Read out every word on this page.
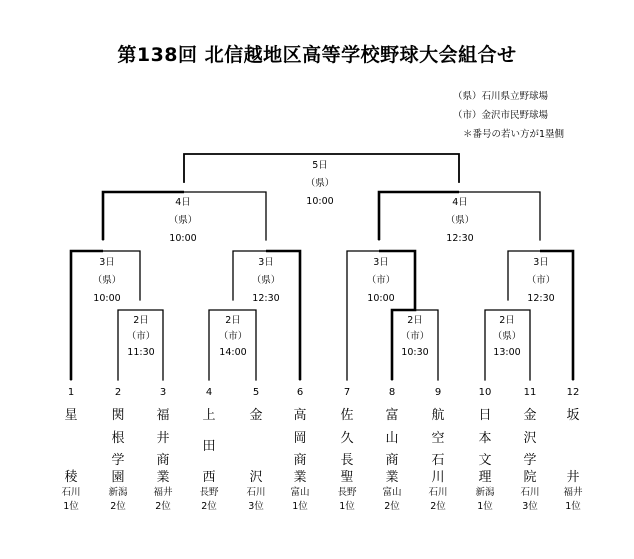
第138回 北信越地区高等学校野球大会組合せ
（県）石川県立野球場
（市）金沢市民野球場
＊番号の若い方が1塁側
5日
（県）
10:00
4日
（県）
10:00
4日
（県）
12:30
3日
（県）
10:00
3日
（県）
12:30
3日
（市）
10:00
3日
（市）
12:30
2日
（市）
11:30
2日
（市）
14:00
2日
（市）
10:30
2日
（県）
13:00
1
星
稜
石川
1位
2
関
根
学
園
新潟
2位
3
福
井
商
業
福井
2位
4
上
田
西
長野
2位
5
金
沢
石川
3位
6
高
岡
商
業
富山
1位
7
佐
久
長
聖
長野
1位
8
富
山
商
業
富山
2位
9
航
空
石
川
石川
2位
10
日
本
文
理
新潟
1位
11
金
沢
学
院
石川
3位
12
坂
井
福井
1位
